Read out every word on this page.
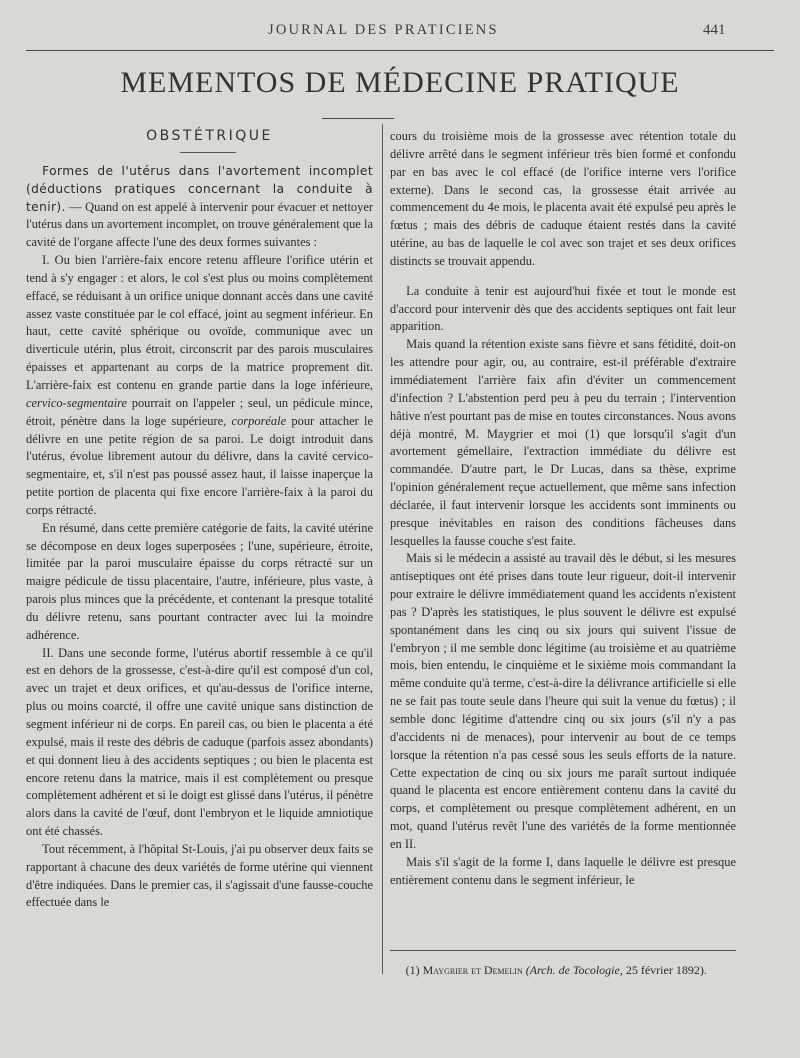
JOURNAL DES PRATICIENS	441
MEMENTOS DE MÉDECINE PRATIQUE
OBSTÉTRIQUE

Formes de l'utérus dans l'avortement incomplet (déductions pratiques concernant la conduite à tenir). — Quand on est appelé à intervenir pour évacuer et nettoyer l'utérus dans un avortement incomplet, on trouve généralement que la cavité de l'organe affecte l'une des deux formes suivantes :

I. Ou bien l'arrière-faix encore retenu affleure l'orifice utérin et tend à s'y engager : et alors, le col s'est plus ou moins complètement effacé, se réduisant à un orifice unique donnant accès dans une cavité assez vaste constituée par le col effacé, joint au segment inférieur. En haut, cette cavité sphérique ou ovoïde, communique avec un diverticule utérin, plus étroit, circonscrit par des parois musculaires épaisses et appartenant au corps de la matrice proprement dit. L'arrière-faix est contenu en grande partie dans la loge inférieure, cervico-segmentaire pourrait on l'appeler ; seul, un pédicule mince, étroit, pénètre dans la loge supérieure, corporéale pour attacher le délivre en une petite région de sa paroi. Le doigt introduit dans l'utérus, évolue librement autour du délivre, dans la cavité cervico-segmentaire, et, s'il n'est pas poussé assez haut, il laisse inaperçue la petite portion de placenta qui fixe encore l'arrière-faix à la paroi du corps rétracté.

En résumé, dans cette première catégorie de faits, la cavité utérine se décompose en deux loges superposées ; l'une, supérieure, étroite, limitée par la paroi musculaire épaisse du corps rétracté sur un maigre pédicule de tissu placentaire, l'autre, inférieure, plus vaste, à parois plus minces que la précédente, et contenant la presque totalité du délivre retenu, sans pourtant contracter avec lui la moindre adhérence.

II. Dans une seconde forme, l'utérus abortif ressemble à ce qu'il est en dehors de la grossesse, c'est-à-dire qu'il est composé d'un col, avec un trajet et deux orifices, et qu'au-dessus de l'orifice interne, plus ou moins coarcté, il offre une cavité unique sans distinction de segment inférieur ni de corps. En pareil cas, ou bien le placenta a été expulsé, mais il reste des débris de caduque (parfois assez abondants) et qui donnent lieu à des accidents septiques ; ou bien le placenta est encore retenu dans la matrice, mais il est complètement ou presque complètement adhérent et si le doigt est glissé dans l'utérus, il pénètre alors dans la cavité de l'œuf, dont l'embryon et le liquide amniotique ont été chassés.

Tout récemment, à l'hôpital St-Louis, j'ai pu observer deux faits se rapportant à chacune des deux variétés de forme utérine qui viennent d'être indiquées. Dans le premier cas, il s'agissait d'une fausse-couche effectuée dans le

cours du troisième mois de la grossesse avec rétention totale du délivre arrêté dans le segment inférieur très bien formé et confondu par en bas avec le col effacé (de l'orifice interne vers l'orifice externe). Dans le second cas, la grossesse était arrivée au commencement du 4e mois, le placenta avait été expulsé peu après le fœtus ; mais des débris de caduque étaient restés dans la cavité utérine, au bas de laquelle le col avec son trajet et ses deux orifices distincts se trouvait appendu.

La conduite à tenir est aujourd'hui fixée et tout le monde est d'accord pour intervenir dès que des accidents septiques ont fait leur apparition.

Mais quand la rétention existe sans fièvre et sans fétidité, doit-on les attendre pour agir, ou, au contraire, est-il préférable d'extraire immédiatement l'arrière faix afin d'éviter un commencement d'infection ? L'abstention perd peu à peu du terrain ; l'intervention hâtive n'est pourtant pas de mise en toutes circonstances. Nous avons déjà montré, M. Maygrier et moi (1) que lorsqu'il s'agit d'un avortement gémellaire, l'extraction immédiate du délivre est commandée. D'autre part, le Dr Lucas, dans sa thèse, exprime l'opinion généralement reçue actuellement, que même sans infection déclarée, il faut intervenir lorsque les accidents sont imminents ou presque inévitables en raison des conditions fâcheuses dans lesquelles la fausse couche s'est faite.

Mais si le médecin a assisté au travail dès le début, si les mesures antiseptiques ont été prises dans toute leur rigueur, doit-il intervenir pour extraire le délivre immédiatement quand les accidents n'existent pas ? D'après les statistiques, le plus souvent le délivre est expulsé spontanément dans les cinq ou six jours qui suivent l'issue de l'embryon ; il me semble donc légitime (au troisième et au quatrième mois, bien entendu, le cinquième et le sixième mois commandant la même conduite qu'à terme, c'est-à-dire la délivrance artificielle si elle ne se fait pas toute seule dans l'heure qui suit la venue du fœtus) ; il semble donc légitime d'attendre cinq ou six jours (s'il n'y a pas d'accidents ni de menaces), pour intervenir au bout de ce temps lorsque la rétention n'a pas cessé sous les seuls efforts de la nature. Cette expectation de cinq ou six jours me paraît surtout indiquée quand le placenta est encore entièrement contenu dans la cavité du corps, et complètement ou presque complètement adhérent, en un mot, quand l'utérus revêt l'une des variétés de la forme mentionnée en II.

Mais s'il s'agit de la forme I, dans laquelle le délivre est presque entièrement contenu dans le segment inférieur, le

(1) Maygrier et Demelin (Arch. de Tocologie, 25 février 1892).
